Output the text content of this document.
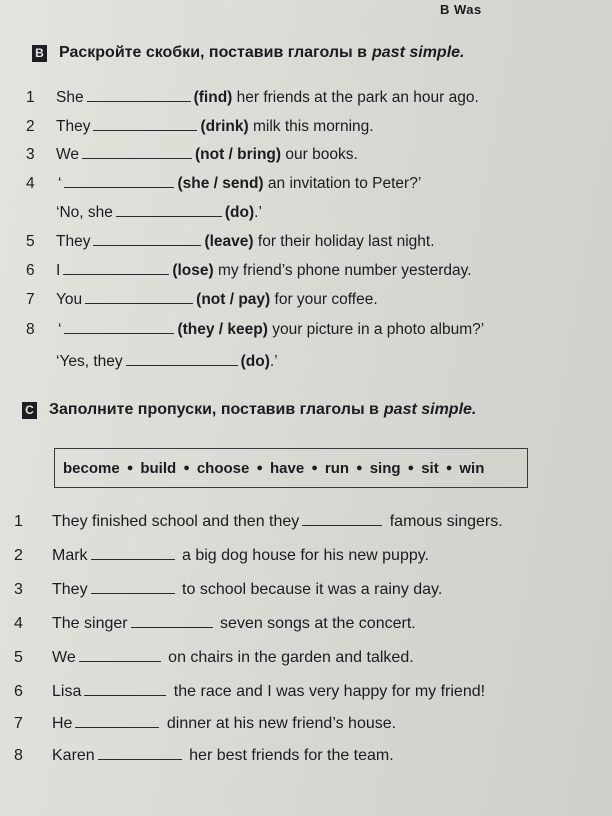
B Was
B Раскройте скобки, поставив глаголы в past simple.
1 She	(find) her friends at the park an hour ago.
2 They	(drink) milk this morning.
3 We	(not / bring) our books.
4 ‘	(she / send) an invitation to Peter?’
‘No, she	(do).’
5 They	(leave) for their holiday last night.
6 I	(lose) my friend’s phone number yesterday.
7 You	(not / pay) for your coffee.
8 ‘	(they / keep) your picture in a photo album?’
‘Yes, they	(do).’
C Заполните пропуски, поставив глаголы в past simple.
become ● build ● choose ● have ● run ● sing ● sit ● win
1 They finished school and then they	famous singers.
2 Mark	a big dog house for his new puppy.
3 They	to school because it was a rainy day.
4 The singer	seven songs at the concert.
5 We	on chairs in the garden and talked.
6 Lisa	the race and I was very happy for my friend!
7 He	dinner at his new friend’s house.
8 Karen	her best friends for the team.
